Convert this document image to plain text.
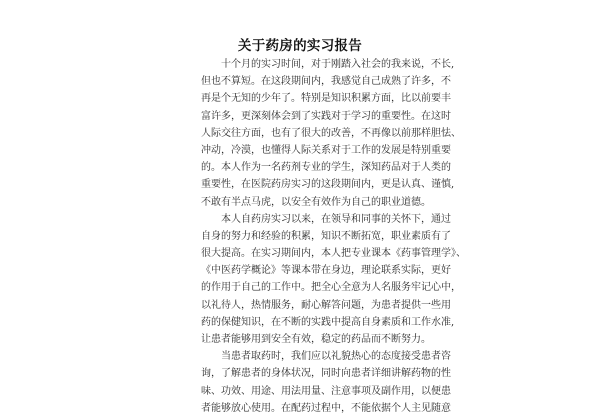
关于药房的实习报告
十个月的实习时间，对于刚踏入社会的我来说，不长,
但也不算短。在这段期间内，我感觉自己成熟了许多，不
再是个无知的少年了。特别是知识积累方面，比以前要丰
富许多，更深刻体会到了实践对于学习的重要性。在这时
人际交往方面，也有了很大的改善，不再像以前那样胆怯、
冲动，冷漠，也懂得人际关系对于工作的发展是特别重要
的。本人作为一名药剂专业的学生，深知药品对于人类的
重要性，在医院药房实习的这段期间内，更是认真、谨慎,
不敢有半点马虎，以安全有效作为自己的职业道德。
本人自药房实习以来，在领导和同事的关怀下，通过
自身的努力和经验的积累，知识不断拓宽，职业素质有了
很大提高。在实习期间内，本人把专业课本《药事管理学》、
《中医药学概论》等课本带在身边，理论联系实际，更好
的作用于自己的工作中。把全心全意为人名服务牢记心中，
以礼待人，热情服务，耐心解答问题，为患者提供一些用
药的保健知识，在不断的实践中提高自身素质和工作水准,
让患者能够用到安全有效，稳定的药品而不断努力。
当患者取药时，我们应以礼貌热心的态度接受患者咨
询，了解患者的身体状况，同时向患者详细讲解药物的性
味、功效、用途、用法用量、注意事项及副作用，以便患
者能够放心使用。在配药过程中，不能依据个人主见随意
